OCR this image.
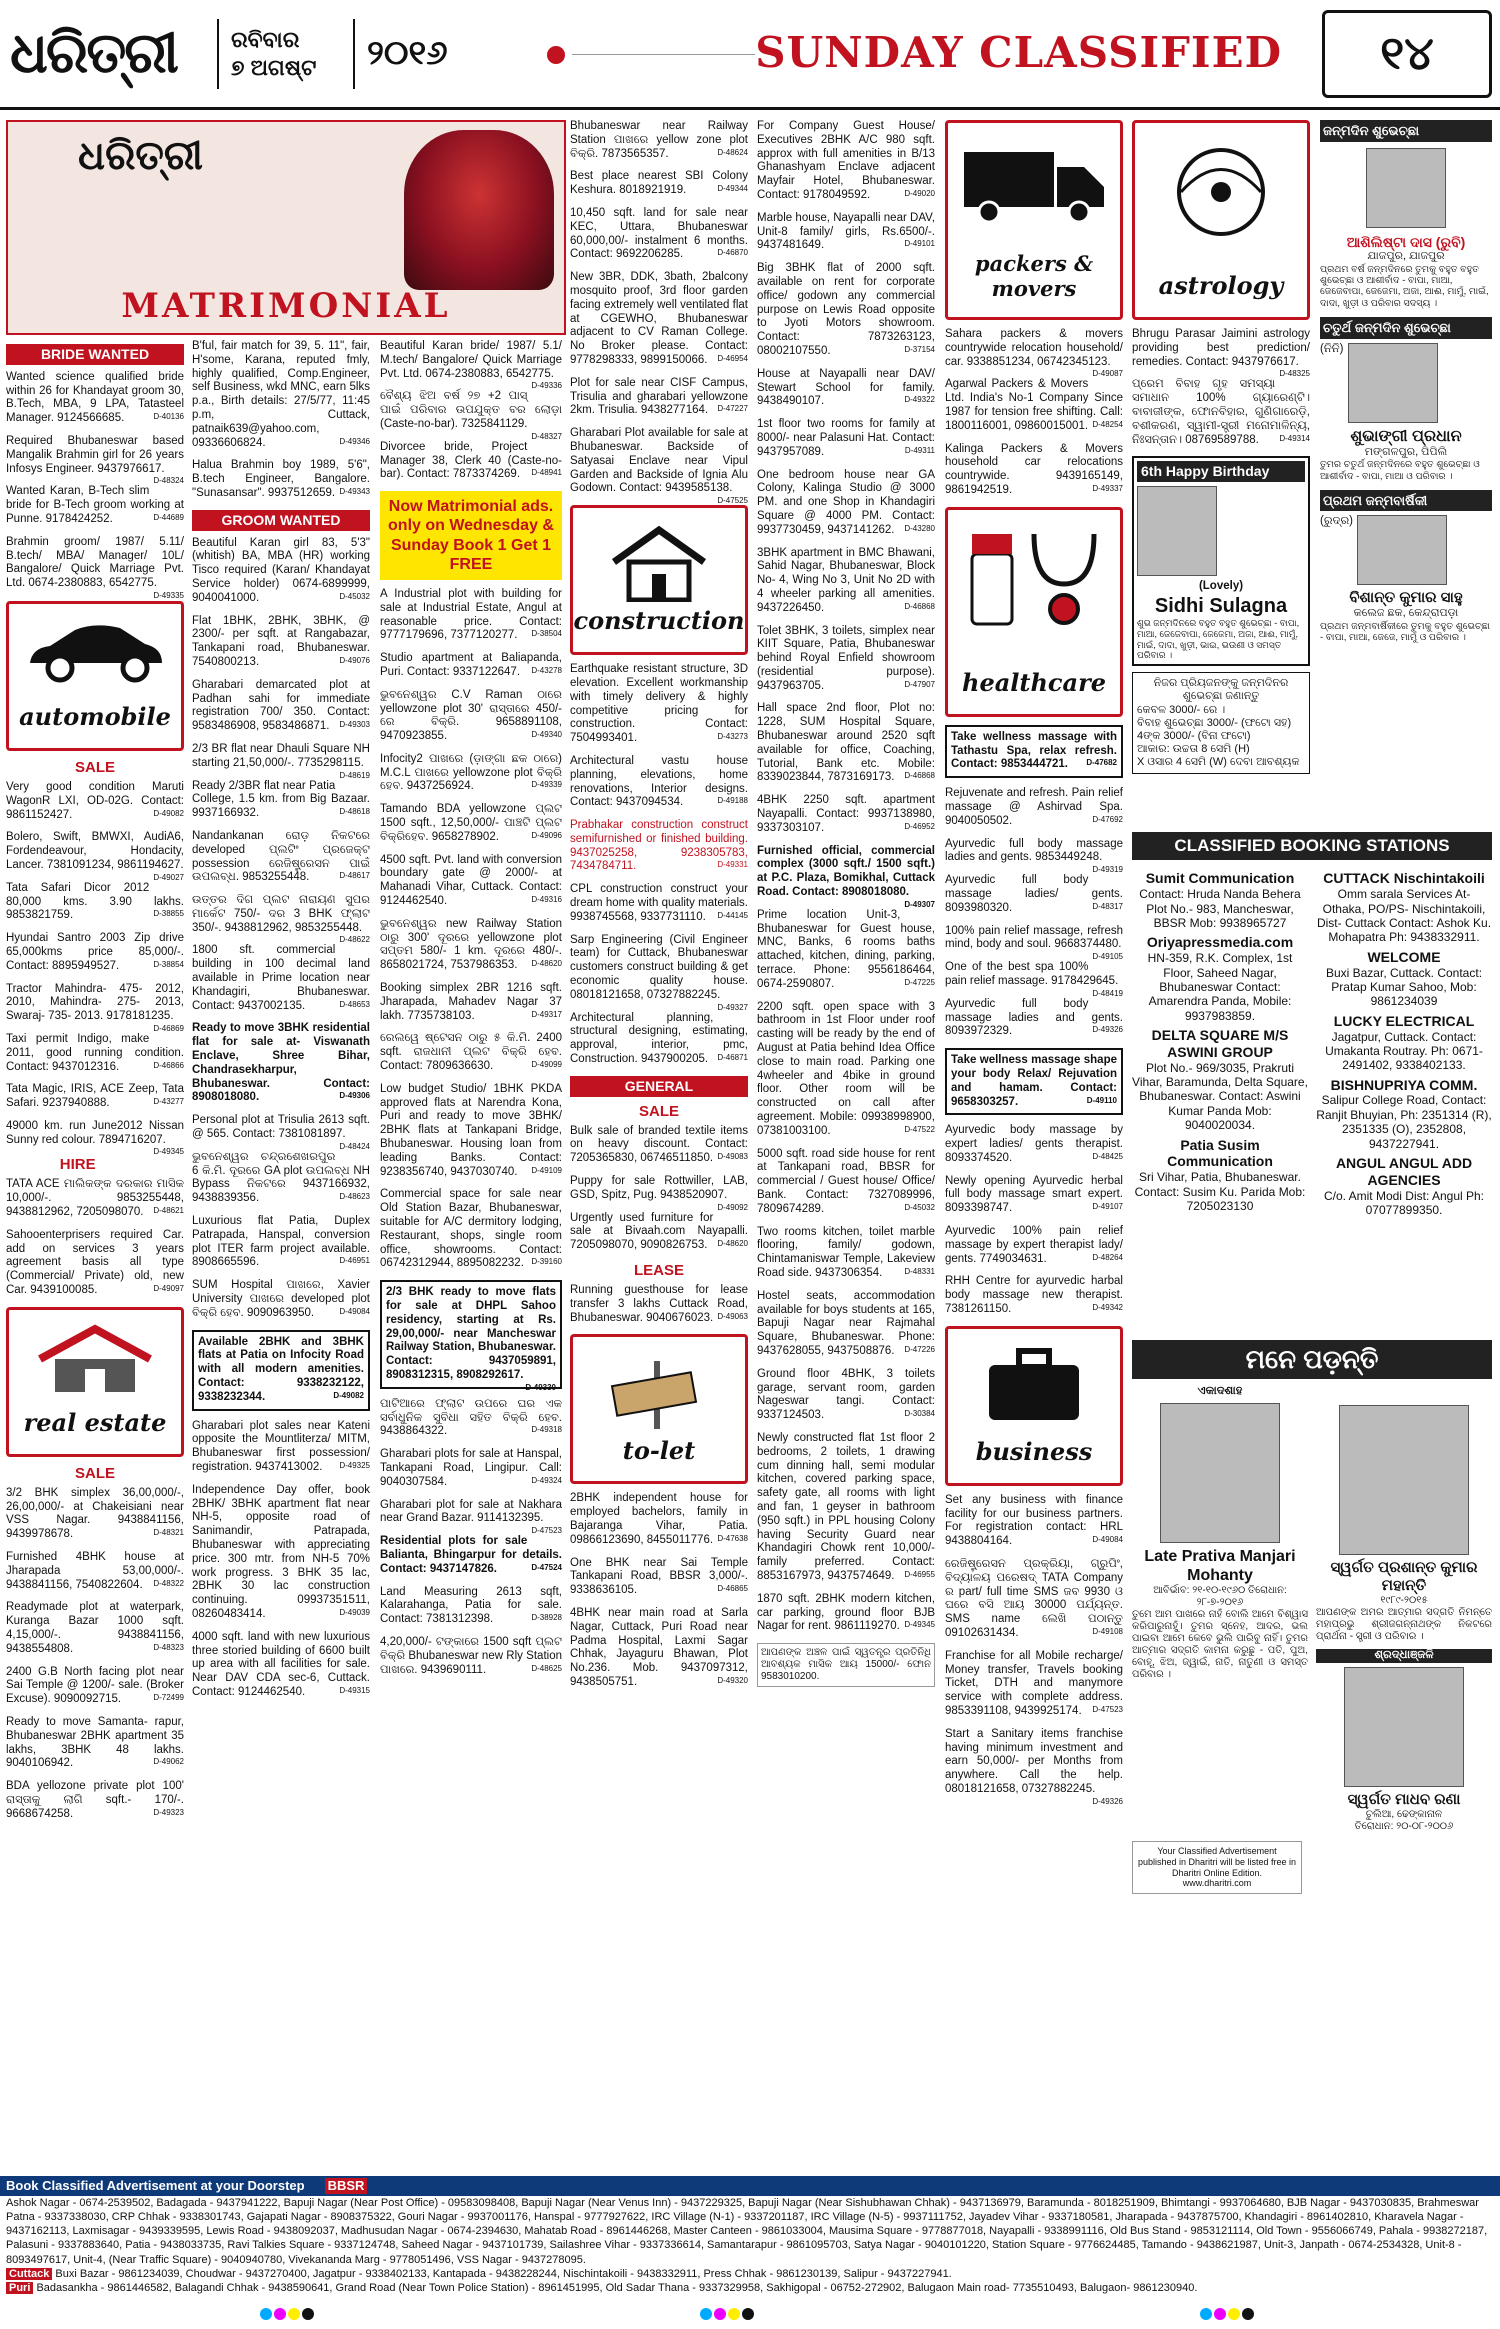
ଧରିତ୍ରୀ	ରବିବାର
୭ ଅଗଷ୍ଟ	୨୦୧୬	SUNDAY CLASSIFIED	୧୪
ଧରିତ୍ରୀ
MATRIMONIAL
BRIDE WANTED
Wanted science qualified bride within 26 for Khandayat groom 30, B.Tech, MBA, 9 LPA, Tatasteel Manager. 9124566685.	D-40136
Required Bhubaneswar based Mangalik Brahmin girl for 26 years Infosys Engineer. 9437976617.
D-48324
Wanted Karan, B-Tech slim bride for B-Tech groom working at Punne. 9178424252.	D-44689
Brahmin groom/ 1987/ 5.11/ B.tech/ MBA/ Manager/ 10L/ Bangalore/ Quick Marriage Pvt. Ltd. 0674-2380883, 6542775.
D-49335
automobile
SALE
Very good condition Maruti WagonR LXI, OD-02G. Contact: 9861152427.	D-49082
Bolero, Swift, BMWXI, AudiA6, Fordendeavour, Hondacity, Lancer. 7381091234, 9861194627.
D-49027
Tata Safari Dicor 2012 80,000 kms. 3.90 lakhs. 9853821759.	D-38855
Hyundai Santro 2003 Zip drive 65,000kms price 85,000/-. Contact: 8895949527.	D-38854
Tractor Mahindra- 475- 2012, 2010, Mahindra- 275- 2013, Swaraj- 735- 2013. 9178181235.
D-46869
Taxi permit Indigo, make 2011, good running condition. Contact: 9437012316.	D-46866
Tata Magic, IRIS, ACE Zeep, Tata Safari. 9237940888.	D-43277
49000 km. run June2012 Nissan Sunny red colour. 7894716207.
D-49345
HIRE
TATA ACE ମାଲିକଙ୍କ ଦରକାର ମାସିକ 10,000/-. 9853255448, 9438812962, 7205098070. D-48621
Sahooenterprisers required Car. add on services 3 years agreement basis all type (Commercial/ Private) old, new Car. 9439100085.	D-49097
real estate
SALE
3/2 BHK simplex 36,00,000/-, 26,00,000/- at Chakeisiani near VSS Nagar. 9438841156, 9439978678.	D-48321
Furnished 4BHK house at Jharapada 53,00,000/-. 9438841156, 7540822604. D-48322
Readymade plot at waterpark, Kuranga Bazar 1000 sqft. 4,15,000/-. 9438841156, 9438554808.	D-48323
2400 G.B North facing plot near Sai Temple @ 1200/- sale. (Broker Excuse). 9090092715.	D-72499
Ready to move Samanta- rapur, Bhubaneswar 2BHK apartment 35 lakhs, 3BHK 48 lakhs. 9040106942.	D-49062
BDA yellozone private plot 100' ରାସ୍ତାକୁ ଲାଗି sqft.- 170/-. 9668674258.	D-49323
B'ful, fair match for 39, 5. 11", fair, H'some, Karana, reputed fmly, highly qualified, Comp.Engineer, self Business, wkd MNC, earn 5lks p.a., Birth details: 27/5/77, 11:45 p.m, Cuttack, patnaik639@yahoo.com, 09336606824.	D-49346
Halua Brahmin boy 1989, 5'6", B.tech Engineer, Bangalore. "Sunasansar". 9937512659. D-49343
GROOM WANTED
Beautiful Karan girl 83, 5'3" (whitish) BA, MBA (HR) working Tisco required (Karan/ Khandayat Service holder) 0674-6899999, 9040041000.	D-45032
Flat 1BHK, 2BHK, 3BHK, @ 2300/- per sqft. at Rangabazar, Tankapani road, Bhubaneswar. 7540800213.	D-49076
Gharabari demarcated plot at Padhan sahi for immediate registration 700/ 350. Contact: 9583486908, 9583486871. D-49303
2/3 BR flat near Dhauli Square NH starting 21,50,000/-. 7735298115.
D-48619
Ready 2/3BR flat near Patia College, 1.5 km. from Big Bazaar. 9937166932.	D-48618
Nandankanan ରୋଡ଼ ନିକଟରେ developed ପ୍ଲଟିଂ ପ୍ରଜେକ୍ଟ possession ରେଜିଷ୍ଟ୍ରେସନ ପାଇଁ ଉପଲବ୍ଧ. 9853255448.	D-48617
ଉତ୍ତର ଦିଗ ପ୍ଲଟ ନାରାୟଣ ସୁପର ମାର୍କେଟ 750/- ଦର 3 BHK ଫ୍ଲାଟ 350/-. 9438812962, 9853255448.
D-48622
1800 sft. commercial building in 100 decimal land available in Prime location near Khandagiri, Bhubaneswar. Contact: 9437002135.	D-48653
Ready to move 3BHK residential flat for sale at- Viswanath Enclave, Shree Bihar, Chandrasekharpur, Bhubaneswar. Contact: 8908018080.	D-49306
Personal plot at Trisulia 2613 sqft. @ 565. Contact: 7381081897.
D-48424
ଭୁବନେଶ୍ୱର ଚନ୍ଦ୍ରଶେଖରପୁର 6 କି.ମି. ଦୂରରେ GA plot ଉପଲବ୍ଧ NH Bypass ନିକଟରେ 9437166932, 9438839356.	D-48623
Luxurious flat Patia, Duplex Patrapada, Hanspal, conversion plot ITER farm project available. 8908665596.	D-46951
SUM Hospital ପାଖରେ, Xavier University ପାଖରେ developed plot ବିକ୍ରି ହେବ. 9090963950.	D-49084
Available 2BHK and 3BHK flats at Patia on Infocity Road with all modern amenities. Contact: 9338232122, 9338232344.	D-49082
Gharabari plot sales near Kateni opposite the Mountliterza/ MITM, Bhubaneswar first possession/ registration. 9437413002. D-49325
Independence Day offer, book 2BHK/ 3BHK apartment flat near NH-5, opposite road of Sanimandir, Patrapada, Bhubaneswar with appreciating price. 300 mtr. from NH-5 70% work progress. 3 BHK 35 lac, 2BHK 30 lac construction continuing. 09937351511, 08260483414.	D-49039
4000 sqft. land with new luxurious three storied building of 6600 built up area with all facilities for sale. Near DAV CDA sec-6, Cuttack. Contact: 9124462540.	D-49315
Beautiful Karan bride/ 1987/ 5.1/ M.tech/ Bangalore/ Quick Marriage Pvt. Ltd. 0674-2380883, 6542775.
D-49336
ବୈଶ୍ୟ ଝିଅ ବର୍ଷ ୨୭ +2 ପାସ୍ ପାଇଁ ପରିବାର ଉପଯୁକ୍ତ ବର ଲୋଡ଼ା (Caste-no-bar). 7325841129.
D-48327
Divorcee bride, Project Manager 38, Clerk 40 (Caste-no-bar). Contact: 7873374269. D-48941
Now Matrimonial ads. only on Wednesday & Sunday Book 1 Get 1 FREE
A Industrial plot with building for sale at Industrial Estate, Angul at reasonable price. Contact: 9777179696, 7377120277. D-38504
Studio apartment at Baliapanda, Puri. Contact: 9337122647. D-43278
ଭୁବନେଶ୍ୱର C.V Raman ଠାରେ yellowzone plot 30' ରାସ୍ତାରେ 450/- ରେ ବିକ୍ରି. 9658891108, 9470923855.	D-49340
Infocity2 ପାଖରେ (ଡ଼ାଙ୍ଗା ଛକ ଠାରେ) M.C.L ପାଖରେ yellowzone plot ବିକ୍ରି ହେବ. 9437256924.	D-49339
Tamando BDA yellowzone ପ୍ଲଟ 1500 sqft., 12,50,000/- ପାଞ୍ଚଟି ପ୍ଲଟ ବିକ୍ରିହେବ. 9658278902.	D-49096
4500 sqft. Pvt. land with conversion boundary gate @ 2000/- at Mahanadi Vihar, Cuttack. Contact: 9124462540.	D-49316
ଭୁବନେଶ୍ୱର new Railway Station ଠାରୁ 300' ଦୂରରେ yellowzone plot ସପ୍ତମ 580/- 1 km. ଦୂରରେ 480/-. 8658021724, 7537986353. D-48620
Booking simplex 2BR 1216 sqft. Jharapada, Mahadev Nagar 37 lakh. 7735738103.	D-49317
ରେଲୱେ ଷ୍ଟେସନ ଠାରୁ ୫ କି.ମି. 2400 sqft. ରାଜଧାନୀ ପ୍ଲଟ ବିକ୍ରି ହେବ. Contact: 7809636630.	D-49099
Low budget Studio/ 1BHK PKDA approved flats at Narendra Kona, Puri and ready to move 3BHK/ 2BHK flats at Tankapani Bridge, Bhubaneswar. Housing loan from leading Banks. Contact: 9238356740, 9437030740. D-49109
Commercial space for sale near Old Station Bazar, Bhubaneswar, suitable for A/C dermitory lodging, Restaurant, shops, single room office, showrooms. Contact: 06742312944, 8895082232. D-39160
2/3 BHK ready to move flats for sale at DHPL Sahoo residency, starting at Rs. 29,00,000/- near Mancheswar Railway Station, Bhubaneswar. Contact: 9437059891, 8908312315, 8908292617.
D-49330
ପାଟିଆରେ ଫ୍ଲାଟ ଉପରେ ଘର ଏକ ସର୍ବାଧୁନିକ ସୁବିଧା ସହିତ ବିକ୍ରି ହେବ. 9438864322.	D-49318
Gharabari plots for sale at Hanspal, Tankapani Road, Lingipur. Call: 9040307584.	D-49324
Gharabari plot for sale at Nakhara near Grand Bazar. 9114132395.
D-47523
Residential plots for sale Balianta, Bhingarpur for details. Contact: 9437147826.	D-47524
Land Measuring 2613 sqft, Kalarahanga, Patia for sale. Contact: 7381312398.	D-38928
4,20,000/- ଟଙ୍କାରେ 1500 sqft ପ୍ଲଟ ବିକ୍ରି Bhubaneswar new Rly Station ପାଖରେ. 9439690111.	D-48625
Bhubaneswar near Railway Station ପାଖରେ yellow zone plot ବିକ୍ରି. 7873565357.	D-48624
Best place nearest SBI Colony Keshura. 8018921919.	D-49344
10,450 sqft. land for sale near KEC, Uttara, Bhubaneswar 60,000,00/- instalment 6 months. Contact: 9692206285.	D-46870
New 3BR, DDK, 3bath, 2balcony mosquito proof, 3rd floor garden facing extremely well ventilated flat at CGEWHO, Bhubaneswar adjacent to CV Raman College. No Broker please. Contact: 9778298333, 9899150066. D-46954
Plot for sale near CISF Campus, Trisulia and gharabari yellowzone 2km. Trisulia. 9438277164. D-47227
Gharabari Plot available for sale at Bhubaneswar. Backside of Satyasai Enclave near Vipul Garden and Backside of Ignia Alu Godown. Contact: 9439585138.
D-47525
construction
Earthquake resistant structure, 3D elevation. Excellent workmanship with timely delivery & highly competitive pricing for construction. Contact: 7504993401.	D-43273
Architectural vastu house planning, elevations, home renovations, Interior designs. Contact: 9437094534.	D-49188
Prabhakar construction construct semifurnished or finished building. 9437025258, 9238305783, 7434784711.	D-49331
CPL construction construct your dream home with quality materials. 9938745568, 9337731110. D-44145
Sarp Engineering (Civil Engineer team) for Cuttack, Bhubaneswar customers construct building & get economic quality house. 08018121658, 07327882245.
D-49327
Architectural planning, structural designing, estimating, approval, interior, pmc, Construction. 9437900205. D-46871
GENERAL
SALE
Bulk sale of branded textile items on heavy discount. Contact: 7205365830, 06746511850. D-49083
Puppy for sale Rottwiller, LAB, GSD, Spitz, Pug. 9438520907.
D-49092
Urgently used furniture for sale at Bivaah.com Nayapalli. 7205098070, 9090826753. D-48620
LEASE
Running guesthouse for lease transfer 3 lakhs Cuttack Road, Bhubaneswar. 9040676023. D-49063
to-let
2BHK independent house for employed bachelors, family in Bajaranga Vihar, Patia. 09866123690, 8455011776. D-47638
One BHK near Sai Temple Tankapani Road, BBSR 3,000/-. 9338636105.	D-46865
4BHK near main road at Sarla Nagar, Cuttack, Puri Road near Padma Hospital, Laxmi Sagar Chhak, Jayaguru Bhawan, Plot No.236. Mob. 9437097312, 9438505751.	D-49320
For Company Guest House/ Executives 2BHK A/C 980 sqft. approx with full amenities in B/13 Ghanashyam Enclave adjacent Mayfair Hotel, Bhubaneswar. Contact: 9178049592.	D-49020
Marble house, Nayapalli near DAV, Unit-8 family/ girls, Rs.6500/-. 9437481649.	D-49101
Big 3BHK flat of 2000 sqft. available on rent for corporate office/ godown any commercial purpose on Lewis Road opposite to Jyoti Motors showroom. Contact: 7873263123, 08002107550.	D-37154
House at Nayapalli near DAV/ Stewart School for family. 9438490107.	D-49322
1st floor two rooms for family at 8000/- near Palasuni Hat. Contact: 9437957089.	D-49311
One bedroom house near GA Colony, Kalinga Studio @ 3000 PM. and one Shop in Khandagiri Square @ 4000 PM. Contact: 9937730459, 9437141262. D-43280
3BHK apartment in BMC Bhawani, Sahid Nagar, Bhubaneswar, Block No- 4, Wing No 3, Unit No 2D with 4 wheeler parking all amenities. 9437226450.	D-46868
Tolet 3BHK, 3 toilets, simplex near KIIT Square, Patia, Bhubaneswar behind Royal Enfield showroom (residential purpose). 9437963705.	D-47907
Hall space 2nd floor, Plot no: 1228, SUM Hospital Square, Bhubaneswar around 2520 sqft available for office, Coaching, Tutorial, Bank etc. Mobile: 8339023844, 7873169173. D-46868
4BHK 2250 sqft. apartment Nayapalli. Contact: 9937138980, 9337303107.	D-46952
Furnished official, commercial complex (3000 sqft./ 1500 sqft.) at P.C. Plaza, Bomikhal, Cuttack Road. Contact: 8908018080.
D-49307
Prime location Unit-3, Bhubaneswar for Guest house, MNC, Banks, 6 rooms baths attached, kitchen, dining, parking, terrace. Phone: 9556186464, 0674-2590807.	D-47225
2200 sqft. open space with 3 bathroom in 1st Floor under roof casting will be ready by the end of August at Patia behind Idea Office close to main road. Parking one 4wheeler and 4bike in ground floor. Other room will be constructed on call after agreement. Mobile: 09938998900, 07381003100.	D-47522
5000 sqft. road side house for rent at Tankapani road, BBSR for commercial / Guest house/ Office/ Bank. Contact: 7327089996, 7809674289.	D-45032
Two rooms kitchen, toilet marble flooring, family/ godown, Chintamaniswar Temple, Lakeview Road side. 9437306354.	D-48331
Hostel seats, accommodation available for boys students at 165, Bapuji Nagar near Rajmahal Square, Bhubaneswar. Phone: 9437628055, 9437508876. D-47226
Ground floor 4BHK, 3 toilets garage, servant room, garden Nageswar tangi. Contact: 9337124503.	D-30384
Newly constructed flat 1st floor 2 bedrooms, 2 toilets, 1 drawing cum dinning hall, semi modular kitchen, covered parking space, safety gate, all rooms with light and fan, 1 geyser in bathroom (950 sqft.) in PPL housing Colony having Security Guard near Khandagiri Chowk rent 10,000/- family preferred. Contact: 8853167973, 9437574649. D-46955
1870 sqft. 2BHK modern kitchen, car parking, ground floor BJB Nagar for rent. 9861119270. D-49345
ଆପଣଙ୍କ ଅଞ୍ଚଳ ପାଇଁ ସ୍ୱତନ୍ତ୍ର ପ୍ରତିନିଧି ଆବଶ୍ୟକ ମାସିକ ଆୟ 15000/- ଫୋନ 9583010200.
packers & movers
Sahara packers & movers countrywide relocation household/ car. 9338851234, 06742345123.
D-49087
Agarwal Packers & Movers Ltd. India's No-1 Company Since 1987 for tension free shifting. Call: 1800116001, 09860015001. D-48254
Kalinga Packers & Movers household car relocations countrywide. 9439165149, 9861942519.	D-49337
healthcare
Take wellness massage with Tathastu Spa, relax refresh. Contact: 9853444721. D-47682
Rejuvenate and refresh. Pain relief massage @ Ashirvad Spa. 9040050502.	D-47692
Ayurvedic full body massage ladies and gents. 9853449248.
D-49319
Ayurvedic full body massage ladies/ gents. 8093980320.	D-48317
100% pain relief massage, refresh mind, body and soul. 9668374480.
D-49105
One of the best spa 100% pain relief massage. 9178429645.
D-48419
Ayurvedic full body massage ladies and gents. 8093972329.	D-49326
Take wellness massage shape your body Relax/ Rejuvation and hamam. Contact: 9658303257.	D-49110
Ayurvedic body massage by expert ladies/ gents therapist. 8093374520.	D-48425
Newly opening Ayurvedic herbal full body massage smart expert. 8093398747.	D-49107
Ayurvedic 100% pain relief massage by expert therapist lady/ gents. 7749034631.	D-48264
RHH Centre for ayurvedic harbal body massage new therapist. 7381261150.	D-49342
business
Set any business with finance facility for our business partners. For registration contact: HRL 9438804164.	D-49084
ରେଜିଷ୍ଟ୍ରେସନ ପ୍ରକ୍ରିୟା, ଗ୍ରୁପିଂ, ବିଦ୍ୟାଳୟ ପରେଷଦ୍‌ TATA Company ର part/ full time SMS ଜବ 9930 ଓ ଘରେ ବସି ଆୟ 30000 ପର୍ଯ୍ୟନ୍ତ. SMS name ଲେଖି ପଠାନ୍ତୁ 09102631434.	D-49108
Franchise for all Mobile recharge/ Money transfer, Travels booking Ticket, DTH and manymore service with complete address. 9853391108, 9439925174. D-47523
Start a Sanitary items franchise having minimum investment and earn 50,000/- per Months from anywhere. Call the help. 08018121658, 07327882245.
D-49326
astrology
Bhrugu Parasar Jaimini astrology providing best prediction/ remedies. Contact: 9437976617.
D-48325
ପ୍ରେମ ବିବାହ ଗୃହ ସମସ୍ୟା ସମାଧାନ 100% ଗ୍ୟାରେଣ୍ଟି। ବାବାଜୀଙ୍କ, ଫୋନବିହାର, ଗୁଣିଗାରେଡ଼ି, ବଶୀକରଣ, ସ୍ୱାମୀ-ସ୍ତ୍ରୀ ମନୋମାଳିନ୍ୟ, ନିଃସନ୍ତାନ। 08769589788.	D-49314
6th Happy Birthday
(Lovely)
Sidhi Sulagna
ଶୁଭ ଜନ୍ମଦିନରେ ବହୁତ ବହୁତ ଶୁଭେଚ୍ଛା - ବାପା, ମାଆ, ଜେଜେବାପା, ଜେଜେମା, ଅଜା, ଆଈ, ମାମୁଁ, ମାଇଁ, ଦାଦା, ଖୁଡ଼ୀ, ଭାଇ, ଭଉଣୀ ଓ ସମସ୍ତ ପରିବାର ।
ନିଜର ପ୍ରିୟଜନଙ୍କୁ ଜନ୍ମଦିନର ଶୁଭେଚ୍ଛା ଜଣାନ୍ତୁ
କେବଳ 3000/- ରେ ।
ବିବାହ ଶୁଭେଚ୍ଛା 3000/- (ଫଟୋ ସହ) 4ଙ୍କ 3000/- (ବିନା ଫଟୋ)
ଆକାର: ଉଚ୍ଚତା 8 ସେମି (H)
X ଓସାର 4 ସେମି (W) ଦେବା ଆବଶ୍ୟକ
ଜନ୍ମଦିନ ଶୁଭେଚ୍ଛା
ଆଶିଲିଷ୍ଟା ଦାସ (ରୁବି)
ଯାଜପୁର, ଯାଜପୁର
ପ୍ରଥମ ବର୍ଷ ଜନ୍ମଦିନରେ ତୁମକୁ ବହୁତ ବହୁତ ଶୁଭେଚ୍ଛା ଓ ଆଶୀର୍ବାଦ - ବାପା, ମାଆ, ଜେଜେବାପା, ଜେଜେମା, ଅଜା, ଆଈ, ମାମୁଁ, ମାଇଁ, ଦାଦା, ଖୁଡ଼ୀ ଓ ପରିବାର ସଦସ୍ୟ ।
ଚତୁର୍ଥ ଜନ୍ମଦିନ ଶୁଭେଚ୍ଛା
(ନିନି)
ଶୁଭାଙ୍ଗୀ ପ୍ରଧାନ
ମଙ୍ଗଳପୁର, ପିପିଲି
ତୁମର ଚତୁର୍ଥ ଜନ୍ମଦିନରେ ବହୁତ ଶୁଭେଚ୍ଛା ଓ ଆଶୀର୍ବାଦ - ବାପା, ମାଆ ଓ ପରିବାର ।
ପ୍ରଥମ ଜନ୍ମବାର୍ଷିକୀ
(ରୁଦ୍ର)
ବିଶାନ୍ତ କୁମାର ସାହୁ
କଲେଜ ଛକ, କେନ୍ଦ୍ରାପଡ଼ା
ପ୍ରଥମ ଜନ୍ମବାର୍ଷିକୀରେ ତୁମକୁ ବହୁତ ଶୁଭେଚ୍ଛା - ବାପା, ମାଆ, ଜେଜେ, ମାମୁଁ ଓ ପରିବାର ।
CLASSIFIED BOOKING STATIONS
Sumit Communication
Contact: Hruda Nanda Behera Plot No.- 983, Mancheswar, BBSR Mob: 9938965727
Oriyapressmedia.com
HN-359, R.K. Complex, 1st Floor, Saheed Nagar, Bhubaneswar Contact: Amarendra Panda, Mobile: 9937983859.
DELTA SQUARE M/S ASWINI GROUP
Plot No.- 969/3035, Prakruti Vihar, Baramunda, Delta Square, Bhubaneswar. Contact: Aswini Kumar Panda Mob: 9040020034.
Patia Susim Communication
Sri Vihar, Patia, Bhubaneswar. Contact: Susim Ku. Parida Mob: 7205023130
CUTTACK Nischintakoili
Omm sarala Services At- Othaka, PO/PS- Nischintakoili, Dist- Cuttack Contact: Ashok Ku. Mohapatra Ph: 9438332911.
WELCOME
Buxi Bazar, Cuttack. Contact: Pratap Kumar Sahoo, Mob: 9861234039
LUCKY ELECTRICAL
Jagatpur, Cuttack. Contact: Umakanta Routray. Ph: 0671-2491402, 9338402133.
BISHNUPRIYA COMM.
Salipur College Road, Contact: Ranjit Bhuyian, Ph: 2351314 (R), 2351335 (O), 2352808, 9437227941.
ANGUL ANGUL ADD AGENCIES
C/o. Amit Modi Dist: Angul Ph: 07077899350.
ମନେ ପଡ଼ନ୍ତି
ଏକାଦଶାହ
Late Prativa Manjari Mohanty
ଆବିର୍ଭାବ: ୨୧-୧୦-୧୯୬୦ ତିରୋଧାନ: ୨୮-୭-୨୦୧୬
ତୁମେ ଆମ ପାଖରେ ନାହଁ ବୋଲି ଆମେ ବିଶ୍ୱାସ କରିପାରୁନାହୁଁ। ତୁମର ସ୍ନେହ, ଆଦର, ଭଲ ପାଇବା ଆମେ କେବେ ଭୁଲି ପାରିବୁ ନାହିଁ। ତୁମର ଆତ୍ମାର ସଦ୍‌ଗତି କାମନା କରୁଛୁ - ପତି, ପୁଅ, ବୋହୂ, ଝିଅ, ଜ୍ୱାଇଁ, ନାତି, ନାତୁଣୀ ଓ ସମସ୍ତ ପରିବାର ।
ସ୍ୱର୍ଗତ ପ୍ରଶାନ୍ତ କୁମାର ମହାନ୍ତି
୧୯୮୯-୨୦୧୫
ଆପଣଙ୍କ ଅମର ଆତ୍ମାର ସଦ୍‌ଗତି ନିମନ୍ତେ ମହାପ୍ରଭୁ ଶ୍ରୀଜଗନ୍ନାଥଙ୍କ ନିକଟରେ ପ୍ରାର୍ଥନା - ସ୍ତ୍ରୀ ଓ ପରିବାର ।
ଶ୍ରଦ୍ଧାଞ୍ଜଳି
ସ୍ୱର୍ଗତ ମାଧବ ରଣା
ଚୁଲିଆ, ଢେଙ୍କାନାଳ
ତିରୋଧାନ: ୨୦-୦୮-୨୦୦୬
Your Classified Advertisement published in Dharitri will be listed free in Dharitri Online Edition. www.dharitri.com
Book Classified Advertisement at your Doorstep BBSR
Ashok Nagar - 0674-2539502, Badagada - 9437941222, Bapuji Nagar (Near Post Office) - 09583098408, Bapuji Nagar (Near Venus Inn) - 9437229325, Bapuji Nagar (Near Sishubhawan Chhak) - 9437136979, Baramunda - 8018251909, Bhimtangi - 9937064680, BJB Nagar - 9437030835, Brahmeswar Patna - 9337338030, CRP Chhak - 9338301743, Gajapati Nagar - 8908375322, Gouri Nagar - 9937001176, Hanspal - 9777927622, IRC Village (N-1) - 9337201187, IRC Village (N-5) - 9937111752, Jayadev Vihar - 9337180581, Jharapada - 9437875700, Khandagiri - 8961402810, Kharavela Nagar - 9437162113, Laxmisagar - 9439339595, Lewis Road - 9438092037, Madhusudan Nagar - 0674-2394630, Mahatab Road - 8961446268, Master Canteen - 9861033004, Mausima Square - 9778877018, Nayapalli - 9338991116, Old Bus Stand - 9853121114, Old Town - 9556066749, Pahala - 9938272187, Palasuni - 9337883640, Patia - 9438033735, Ravi Talkies Square - 9337124748, Saheed Nagar - 9437101739, Sailashree Vihar - 9337336614, Samantarapur - 9861095703, Satya Nagar - 9040101220, Station Square - 9776624485, Tamando - 9438621987, Unit-3, Janpath - 0674-2534328, Unit-8 - 8093497617, Unit-4, (Near Traffic Square) - 9040940780, Vivekananda Marg - 9778051496, VSS Nagar - 9437278095.
Cuttack Buxi Bazar - 9861234039, Choudwar - 9437270400, Jagatpur - 9338402133, Kantapada - 9438228244, Nischintakoili - 9438332911, Press Chhak - 9861230139, Salipur - 9437227941.
Puri Badasankha - 9861446582, Balagandi Chhak - 9438590641, Grand Road (Near Town Police Station) - 8961451995, Old Sadar Thana - 9337329958, Sakhigopal - 06752-272902, Balugaon Main road- 7735510493, Balugaon- 9861230940.
